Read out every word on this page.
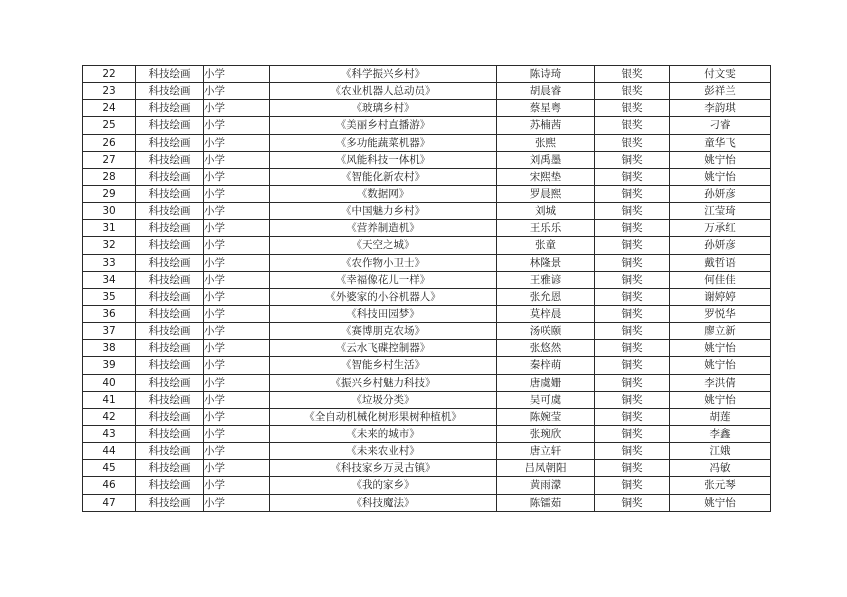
22	科技绘画	小学	《科学振兴乡村》	陈诗琦	银奖	付文雯
23	科技绘画	小学	《农业机器人总动员》	胡晨睿	银奖	彭祥兰
24	科技绘画	小学	《玻璃乡村》	蔡星粤	银奖	李韵琪
25	科技绘画	小学	《美丽乡村直播游》	苏楠茜	银奖	刁睿
26	科技绘画	小学	《多功能蔬菜机器》	张熙	银奖	童华飞
27	科技绘画	小学	《风能科技一体机》	刘禹墨	铜奖	姚宁怡
28	科技绘画	小学	《智能化新农村》	宋熙垫	铜奖	姚宁怡
29	科技绘画	小学	《数据网》	罗晨熙	铜奖	孙妍彦
30	科技绘画	小学	《中国魅力乡村》	刘城	铜奖	江莹琦
31	科技绘画	小学	《营养制造机》	王乐乐	铜奖	万承红
32	科技绘画	小学	《天空之城》	张童	铜奖	孙妍彦
33	科技绘画	小学	《农作物小卫士》	林隆景	铜奖	戴哲语
34	科技绘画	小学	《幸福像花儿一样》	王雅谚	铜奖	何佳佳
35	科技绘画	小学	《外婆家的小谷机器人》	张允恩	铜奖	谢婷婷
36	科技绘画	小学	《科技田园梦》	莫梓晨	铜奖	罗悦华
37	科技绘画	小学	《赛博朋克农场》	汤咲颐	铜奖	廖立新
38	科技绘画	小学	《云水飞碟控制器》	张悠然	铜奖	姚宁怡
39	科技绘画	小学	《智能乡村生活》	秦梓萌	铜奖	姚宁怡
40	科技绘画	小学	《振兴乡村魅力科技》	唐虞姗	铜奖	李洪倩
41	科技绘画	小学	《垃圾分类》	吴可虞	铜奖	姚宁怡
42	科技绘画	小学	《全自动机械化树形果树种植机》	陈婉莹	铜奖	胡莲
43	科技绘画	小学	《未来的城市》	张琬欣	铜奖	李鑫
44	科技绘画	小学	《未来农业村》	唐立轩	铜奖	江娥
45	科技绘画	小学	《科技家乡万灵古镇》	吕凤朝阳	铜奖	冯敏
46	科技绘画	小学	《我的家乡》	黄雨濛	铜奖	张元琴
47	科技绘画	小学	《科技魔法》	陈镭茹	铜奖	姚宁怡
